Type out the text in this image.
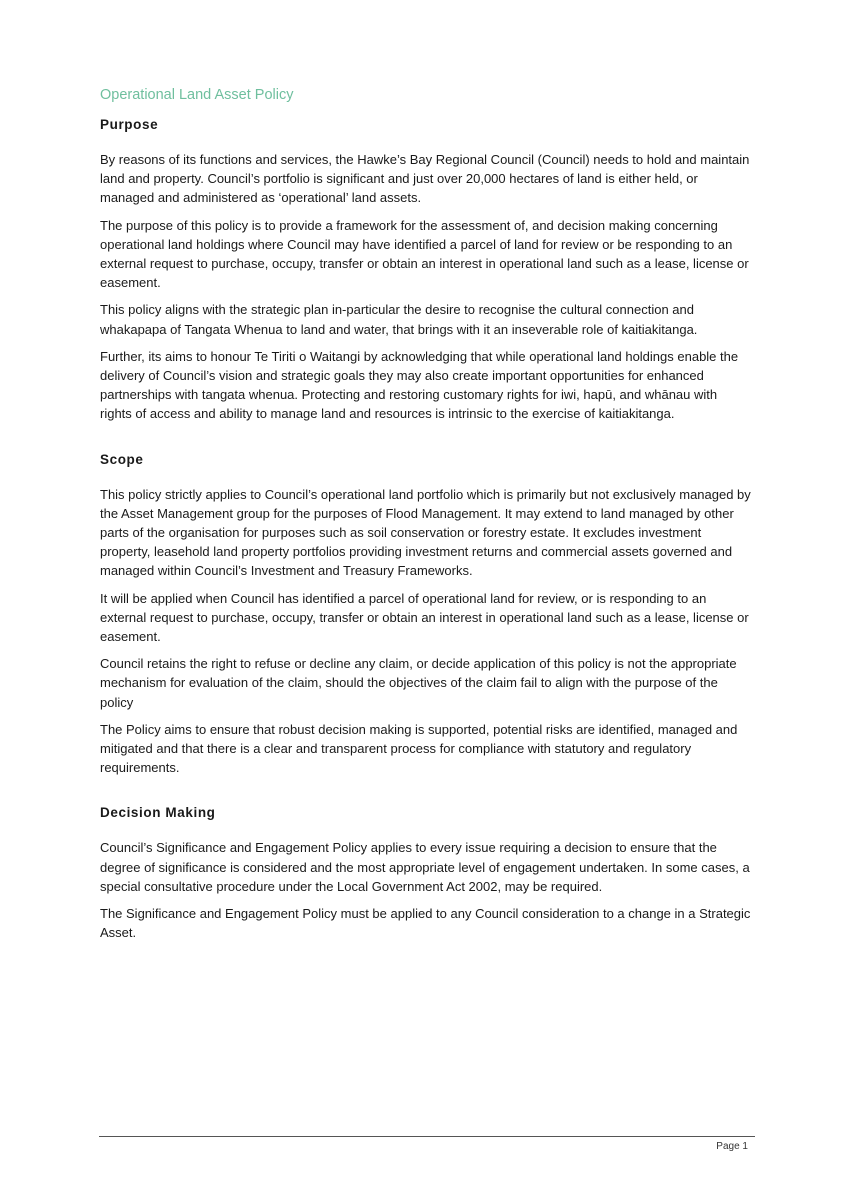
Operational Land Asset Policy
Purpose

By reasons of its functions and services, the Hawke’s Bay Regional Council (Council) needs to hold and maintain land and property. Council’s portfolio is significant and just over 20,000 hectares of land is either held, or managed and administered as ‘operational’ land assets.

The purpose of this policy is to provide a framework for the assessment of, and decision making concerning operational land holdings where Council may have identified a parcel of land for review or be responding to an external request to purchase, occupy, transfer or obtain an interest in operational land such as a lease, license or easement.

This policy aligns with the strategic plan in-particular the desire to recognise the cultural connection and whakapapa of Tangata Whenua to land and water, that brings with it an inseverable role of kaitiakitanga.

Further, its aims to honour Te Tiriti o Waitangi by acknowledging that while operational land holdings enable the delivery of Council’s vision and strategic goals they may also create important opportunities for enhanced partnerships with tangata whenua. Protecting and restoring customary rights for iwi, hapū, and whānau with rights of access and ability to manage land and resources is intrinsic to the exercise of kaitiakitanga.

Scope

This policy strictly applies to Council’s operational land portfolio which is primarily but not exclusively managed by the Asset Management group for the purposes of Flood Management. It may extend to land managed by other parts of the organisation for purposes such as soil conservation or forestry estate. It excludes investment property, leasehold land property portfolios providing investment returns and commercial assets governed and managed within Council’s Investment and Treasury Frameworks.

It will be applied when Council has identified a parcel of operational land for review, or is responding to an external request to purchase, occupy, transfer or obtain an interest in operational land such as a lease, license or easement.

Council retains the right to refuse or decline any claim, or decide application of this policy is not the appropriate mechanism for evaluation of the claim, should the objectives of the claim fail to align with the purpose of the policy

The Policy aims to ensure that robust decision making is supported, potential risks are identified, managed and mitigated and that there is a clear and transparent process for compliance with statutory and regulatory requirements.

Decision Making

Council’s Significance and Engagement Policy applies to every issue requiring a decision to ensure that the degree of significance is considered and the most appropriate level of engagement undertaken. In some cases, a special consultative procedure under the Local Government Act 2002, may be required.

The Significance and Engagement Policy must be applied to any Council consideration to a change in a Strategic Asset.

Page 1
